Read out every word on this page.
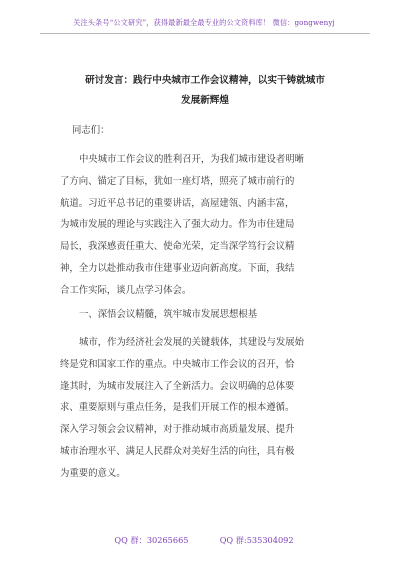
关注头条号“公文研究”，获得最新最全最专业的公文资料库！ 微信：gongwenyj
研讨发言：践行中央城市工作会议精神，以实干铸就城市
发展新辉煌
同志们：
中央城市工作会议的胜利召开，为我们城市建设者明晰
了方向、锚定了目标，犹如一座灯塔，照亮了城市前行的
航道。习近平总书记的重要讲话，高屋建瓴、内涵丰富，
为城市发展的理论与实践注入了强大动力。作为市住建局
局长，我深感责任重大、使命光荣，定当深学笃行会议精
神，全力以赴推动我市住建事业迈向新高度。下面，我结
合工作实际，谈几点学习体会。
一、深悟会议精髓，筑牢城市发展思想根基
城市，作为经济社会发展的关键载体，其建设与发展始
终是党和国家工作的重点。中央城市工作会议的召开，恰
逢其时，为城市发展注入了全新活力。会议明确的总体要
求、重要原则与重点任务，是我们开展工作的根本遵循。
深入学习领会会议精神，对于推动城市高质量发展、提升
城市治理水平、满足人民群众对美好生活的向往，具有极
为重要的意义。
QQ 群：30265665	QQ 群:535304092
